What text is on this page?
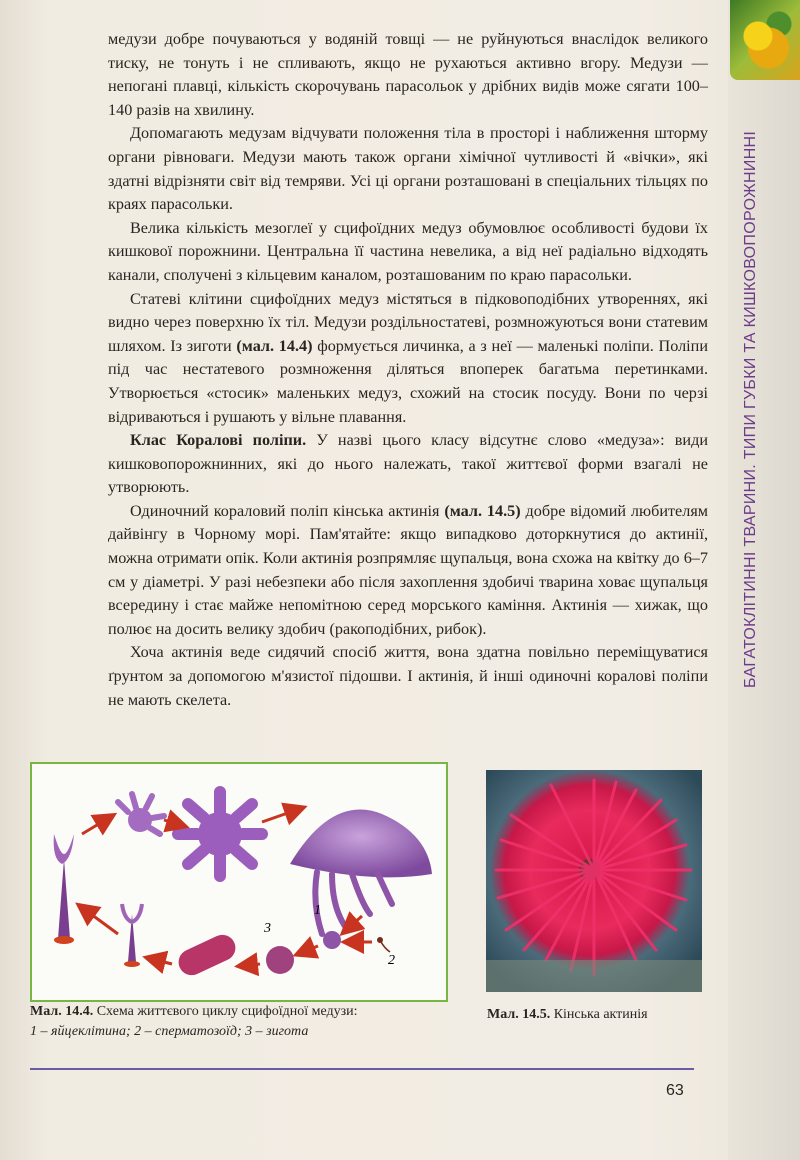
БАГАТОКЛІТИННІ ТВАРИНИ. ТИПИ ГУБКИ ТА КИШКОВОПОРОЖНИННІ

медузи добре почуваються у водяній товщі — не руйнуються внаслідок великого тиску, не тонуть і не спливають, якщо не рухаються активно вгору. Медузи — непогані плавці, кількість скорочувань парасольок у дрібних видів може сягати 100–140 разів на хвилину.

Допомагають медузам відчувати положення тіла в просторі і наближення шторму органи рівноваги. Медузи мають також органи хімічної чутливості й «вічки», які здатні відрізняти світ від темряви. Усі ці органи розташовані в спеціальних тільцях по краях парасольки.

Велика кількість мезоглеї у сцифоїдних медуз обумовлює особливості будови їх кишкової порожнини. Центральна її частина невелика, а від неї радіально відходять канали, сполучені з кільцевим каналом, розташованим по краю парасольки.

Статеві клітини сцифоїдних медуз містяться в підковоподібних утвореннях, які видно через поверхню їх тіл. Медузи роздільностатеві, розмножуються вони статевим шляхом. Із зиготи (мал. 14.4) формується личинка, а з неї — маленькі поліпи. Поліпи під час нестатевого розмноження діляться впоперек багатьма перетинками. Утворюється «стосик» маленьких медуз, схожий на стосик посуду. Вони по черзі відриваються і рушають у вільне плавання.

Клас Коралові поліпи. У назві цього класу відсутнє слово «медуза»: види кишковопорожнинних, які до нього належать, такої життєвої форми взагалі не утворюють.

Одиночний кораловий поліп кінська актинія (мал. 14.5) добре відомий любителям дайвінгу в Чорному морі. Пам'ятайте: якщо випадково доторкнутися до актинії, можна отримати опік. Коли актинія розпрямляє щупальця, вона схожа на квітку до 6–7 см у діаметрі. У разі небезпеки або після захоплення здобичі тварина ховає щупальця всередину і стає майже непомітною серед морського каміння. Актинія — хижак, що полює на досить велику здобич (ракоподібних, рибок).

Хоча актинія веде сидячий спосіб життя, вона здатна повільно переміщуватися ґрунтом за допомогою м'язистої підошви. І актинія, й інші одиночні коралові поліпи не мають скелета.

1
2
3
Мал. 14.4. Схема життєвого циклу сцифоїдної медузи:
1 – яйцеклітина; 2 – сперматозоїд; 3 – зигота
Мал. 14.5. Кінська актинія
63
